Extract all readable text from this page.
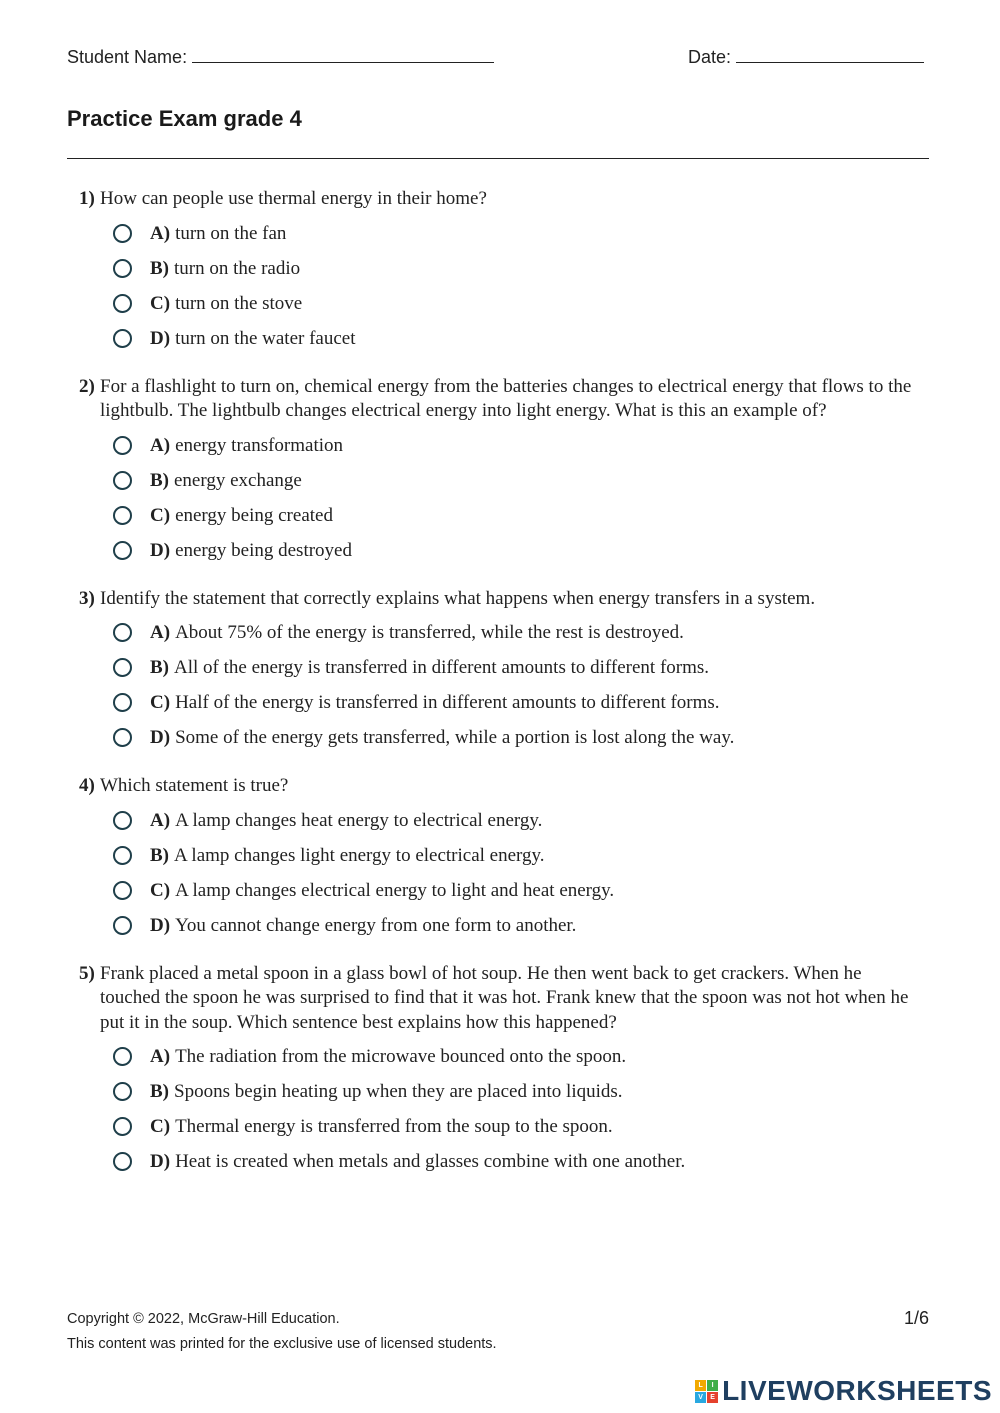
Student Name:	Date:
Practice Exam grade 4
1) How can people use thermal energy in their home?
A) turn on the fan
B) turn on the radio
C) turn on the stove
D) turn on the water faucet
2) For a flashlight to turn on, chemical energy from the batteries changes to electrical energy that flows to the lightbulb. The lightbulb changes electrical energy into light energy. What is this an example of?
A) energy transformation
B) energy exchange
C) energy being created
D) energy being destroyed
3) Identify the statement that correctly explains what happens when energy transfers in a system.
A) About 75% of the energy is transferred, while the rest is destroyed.
B) All of the energy is transferred in different amounts to different forms.
C) Half of the energy is transferred in different amounts to different forms.
D) Some of the energy gets transferred, while a portion is lost along the way.
4) Which statement is true?
A) A lamp changes heat energy to electrical energy.
B) A lamp changes light energy to electrical energy.
C) A lamp changes electrical energy to light and heat energy.
D) You cannot change energy from one form to another.
5) Frank placed a metal spoon in a glass bowl of hot soup. He then went back to get crackers. When he touched the spoon he was surprised to find that it was hot. Frank knew that the spoon was not hot when he put it in the soup. Which sentence best explains how this happened?
A) The radiation from the microwave bounced onto the spoon.
B) Spoons begin heating up when they are placed into liquids.
C) Thermal energy is transferred from the soup to the spoon.
D) Heat is created when metals and glasses combine with one another.
Copyright © 2022, McGraw-Hill Education.
This content was printed for the exclusive use of licensed students.
1/6
L	I
V	E LIVEWORKSHEETS
